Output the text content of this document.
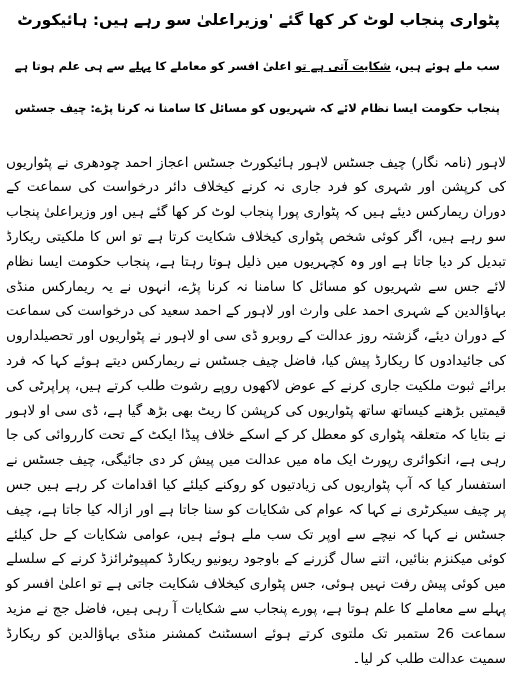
پٹواری پنجاب لوٹ کر کھا گئے 'وزیراعلیٰ سو رہے ہیں: ہائیکورٹ
سب ملے ہوئے ہیں، شکایت آتی ہے تو اعلیٰ افسر کو معاملے کا پہلے سے ہی علم ہوتا ہے
پنجاب حکومت ایسا نظام لائے کہ شہریوں کو مسائل کا سامنا نہ کرنا پڑے: چیف جسٹس

لاہور (نامہ نگار) چیف جسٹس لاہور ہائیکورٹ جسٹس اعجاز احمد چودھری نے پٹواریوں کی کرپشن اور شہری کو فرد جاری نہ کرنے کیخلاف دائر درخواست کی سماعت کے دوران ریمارکس دیئے ہیں کہ پٹواری پورا پنجاب لوٹ کر کھا گئے ہیں اور وزیراعلیٰ پنجاب سو رہے ہیں، اگر کوئی شخص پٹواری کیخلاف شکایت کرتا ہے تو اس کا ملکیتی ریکارڈ تبدیل کر دیا جاتا ہے اور وہ کچہریوں میں ذلیل ہوتا رہتا ہے، پنجاب حکومت ایسا نظام لائے جس سے شہریوں کو مسائل کا سامنا نہ کرنا پڑے، انہوں نے یہ ریمارکس منڈی بہاؤالدین کے شہری احمد علی وارث اور لاہور کے احمد سعید کی درخواست کی سماعت کے دوران دیئے، گزشتہ روز عدالت کے روبرو ڈی سی او لاہور نے پٹواریوں اور تحصیلداروں کی جائیدادوں کا ریکارڈ پیش کیا، فاضل چیف جسٹس نے ریمارکس دیتے ہوئے کہا کہ فرد برائے ثبوت ملکیت جاری کرنے کے عوض لاکھوں روپے رشوت طلب کرتے ہیں، پراپرٹی کی قیمتیں بڑھنے کیساتھ ساتھ پٹواریوں کی کرپشن کا ریٹ بھی بڑھ گیا ہے، ڈی سی او لاہور نے بتایا کہ متعلقہ پٹواری کو معطل کر کے اسکے خلاف پیڈا ایکٹ کے تحت کارروائی کی جا رہی ہے، انکوائری رپورٹ ایک ماہ میں عدالت میں پیش کر دی جائیگی، چیف جسٹس نے استفسار کیا کہ آپ پٹواریوں کی زیادتیوں کو روکنے کیلئے کیا اقدامات کر رہے ہیں جس پر چیف سیکرٹری نے کہا کہ عوام کی شکایات کو سنا جاتا ہے اور ازالہ کیا جاتا ہے، چیف جسٹس نے کہا کہ نیچے سے اوپر تک سب ملے ہوئے ہیں، عوامی شکایات کے حل کیلئے کوئی میکنزم بنائیں، اتنے سال گزرنے کے باوجود ریونیو ریکارڈ کمپیوٹرائزڈ کرنے کے سلسلے میں کوئی پیش رفت نہیں ہوئی، جس پٹواری کیخلاف شکایت جاتی ہے تو اعلیٰ افسر کو پہلے سے معاملے کا علم ہوتا ہے، پورے پنجاب سے شکایات آ رہی ہیں، فاضل جج نے مزید سماعت 26 ستمبر تک ملتوی کرتے ہوئے اسسٹنٹ کمشنر منڈی بہاؤالدین کو ریکارڈ سمیت عدالت طلب کر لیا۔
